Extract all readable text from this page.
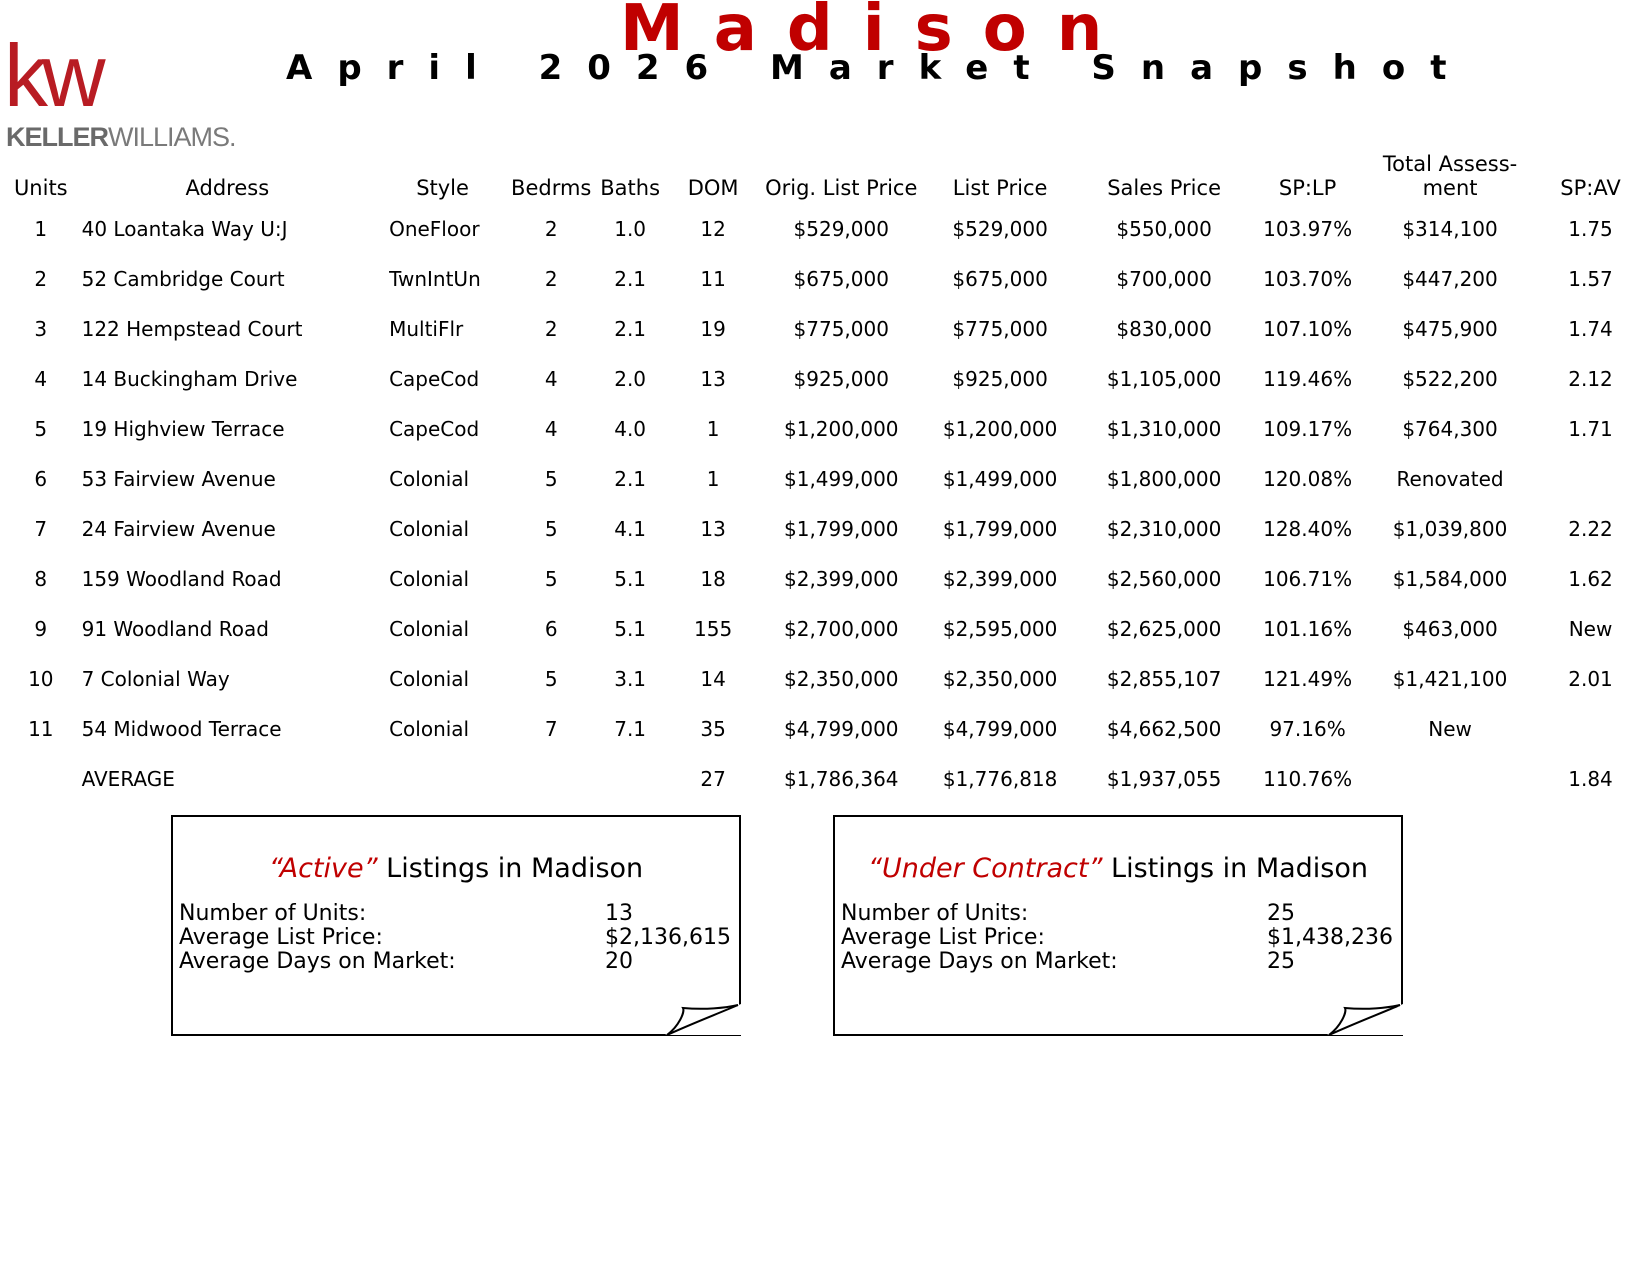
kw
KELLERWILLIAMS.
Madison
April 2026 Market Snapshot
Units	Address	Style	Bedrms	Baths	DOM	Orig. List Price	List Price	Sales Price	SP:LP	Total Assess-
ment	SP:AV
1	40 Loantaka Way U:J	OneFloor	2	1.0	12	$529,000	$529,000	$550,000	103.97%	$314,100	1.75
2	52 Cambridge Court	TwnIntUn	2	2.1	11	$675,000	$675,000	$700,000	103.70%	$447,200	1.57
3	122 Hempstead Court	MultiFlr	2	2.1	19	$775,000	$775,000	$830,000	107.10%	$475,900	1.74
4	14 Buckingham Drive	CapeCod	4	2.0	13	$925,000	$925,000	$1,105,000	119.46%	$522,200	2.12
5	19 Highview Terrace	CapeCod	4	4.0	1	$1,200,000	$1,200,000	$1,310,000	109.17%	$764,300	1.71
6	53 Fairview Avenue	Colonial	5	2.1	1	$1,499,000	$1,499,000	$1,800,000	120.08%	Renovated	
7	24 Fairview Avenue	Colonial	5	4.1	13	$1,799,000	$1,799,000	$2,310,000	128.40%	$1,039,800	2.22
8	159 Woodland Road	Colonial	5	5.1	18	$2,399,000	$2,399,000	$2,560,000	106.71%	$1,584,000	1.62
9	91 Woodland Road	Colonial	6	5.1	155	$2,700,000	$2,595,000	$2,625,000	101.16%	$463,000	New
10	7 Colonial Way	Colonial	5	3.1	14	$2,350,000	$2,350,000	$2,855,107	121.49%	$1,421,100	2.01
11	54 Midwood Terrace	Colonial	7	7.1	35	$4,799,000	$4,799,000	$4,662,500	97.16%	New	
	AVERAGE				27	$1,786,364	$1,776,818	$1,937,055	110.76%		1.84
“Active” Listings in Madison
Number of Units:	13
Average List Price:	$2,136,615
Average Days on Market:	20
“Under Contract” Listings in Madison
Number of Units:	25
Average List Price:	$1,438,236
Average Days on Market:	25
